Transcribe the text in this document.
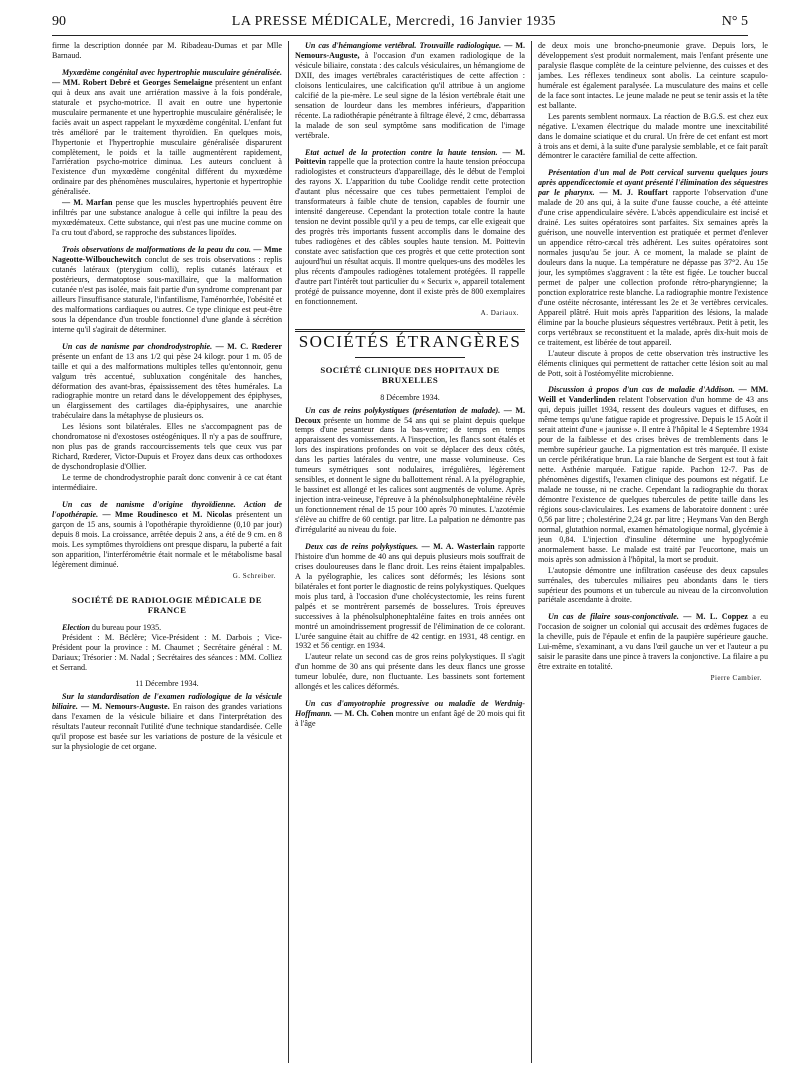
90	LA PRESSE MÉDICALE, Mercredi, 16 Janvier 1935	N° 5

firme la description donnée par M. Ribadeau-Dumas et par Mlle Barnaud.

Myxœdème congénital avec hypertrophie musculaire généralisée. — MM. Robert Debré et Georges Semelaigne présentent un enfant qui à deux ans avait une arriération massive à la fois pondérale, staturale et psycho-motrice. Il avait en outre une hypertonie musculaire permanente et une hypertrophie musculaire généralisée; le faciès avait un aspect rappelant le myxœdème congénital. L'enfant fut très amélioré par le traitement thyroïdien. En quelques mois, l'hypertonie et l'hypertrophie musculaire généralisée disparurent complètement, le poids et la taille augmentèrent rapidement, l'arriération psycho-motrice diminua. Les auteurs concluent à l'existence d'un myxœdème congénital différent du myxœdème ordinaire par des phénomènes musculaires, hypertonie et hypertrophie généralisée.

— M. Marfan pense que les muscles hypertrophiés peuvent être infiltrés par une substance analogue à celle qui infiltre la peau des myxœdémateux. Cette substance, qui n'est pas une mucine comme on l'a cru tout d'abord, se rapproche des substances lipoïdes.

Trois observations de malformations de la peau du cou. — Mme Nageotte-Wilbouchewitch conclut de ses trois observations : replis cutanés latéraux (pterygium colli), replis cutanés latéraux et postérieurs, dermatoptose sous-maxillaire, que la malformation cutanée n'est pas isolée, mais fait partie d'un syndrome comprenant par ailleurs l'insuffisance staturale, l'infantilisme, l'aménorrhée, l'obésité et des malformations cardiaques ou autres. Ce type clinique est peut-être sous la dépendance d'un trouble fonctionnel d'une glande à sécrétion interne qu'il s'agirait de déterminer.

Un cas de nanisme par chondrodystrophie. — M. C. Rœderer présente un enfant de 13 ans 1/2 qui pèse 24 kilogr. pour 1 m. 05 de taille et qui a des malformations multiples telles qu'entonnoir, genu valgum très accentué, subluxation congénitale des hanches, déformation des avant-bras, épaississement des têtes humérales. La radiographie montre un retard dans le développement des épiphyses, un élargissement des cartilages dia-épiphysaires, une anarchie trabéculaire dans la métaphyse de plusieurs os.

Les lésions sont bilatérales. Elles ne s'accompagnent pas de chondromatose ni d'exostoses ostéogéniques. Il n'y a pas de souffrure, non plus pas de grands raccourcissements tels que ceux vus par Richard, Rœderer, Victor-Dupuis et Froyez dans deux cas orthodoxes de dyschondroplasie d'Ollier.

Le terme de chondrodystrophie paraît donc convenir à ce cat étant intermédiaire.

Un cas de nanisme d'origine thyroïdienne. Action de l'opothérapie. — Mme Roudinesco et M. Nicolas présentent un garçon de 15 ans, soumis à l'opothérapie thyroïdienne (0,10 par jour) depuis 8 mois. La croissance, arrêtée depuis 2 ans, a été de 9 cm. en 8 mois. Les symptômes thyroïdiens ont presque disparu, la puberté a fait son apparition, l'interférométrie était normale et le métabolisme basal légèrement diminué.

G. Schreiber.
SOCIÉTÉ DE RADIOLOGIE MÉDICALE DE FRANCE

Election du bureau pour 1935.

Président : M. Béclère; Vice-Président : M. Darbois ; Vice-Président pour la province : M. Chaumet ; Secrétaire général : M. Dariaux; Trésorier : M. Nadal ; Secrétaires des séances : MM. Colliez et Serrand.

11 Décembre 1934.

Sur la standardisation de l'examen radiologique de la vésicule biliaire. — M. Nemours-Auguste. En raison des grandes variations dans l'examen de la vésicule biliaire et dans l'interprétation des résultats l'auteur reconnaît l'utilité d'une technique standardisée. Celle qu'il propose est basée sur les variations de posture de la vésicule et sur la physiologie de cet organe.

Un cas d'hémangiome vertébral. Trouvaille radiologique. — M. Nemours-Auguste, à l'occasion d'un examen radiologique de la vésicule biliaire, constata : des calculs vésiculaires, un hémangiome de DXII, des images vertébrales caractéristiques de cette affection : cloisons lenticulaires, une calcification qu'il attribue à un angiome calcifié de la pie-mère. Le seul signe de la lésion vertébrale était une sensation de lourdeur dans les membres inférieurs, d'apparition récente. La radiothérapie pénétrante à filtrage élevé, 2 cmc, débarrassa la malade de son seul symptôme sans modification de l'image vertébrale.

Etat actuel de la protection contre la haute tension. — M. Poittevin rappelle que la protection contre la haute tension préoccupa radiologistes et constructeurs d'appareillage, dès le début de l'emploi des rayons X. L'apparition du tube Coolidge rendit cette protection d'autant plus nécessaire que ces tubes permettaient l'emploi de transformateurs à faible chute de tension, capables de fournir une intensité dangereuse. Cependant la protection totale contre la haute tension ne devint possible qu'il y a peu de temps, car elle exigeait que des progrès très importants fussent accomplis dans le domaine des tubes radiogènes et des câbles souples haute tension. M. Poittevin constate avec satisfaction que ces progrès et que cette protection sont aujourd'hui un résultat acquis. Il montre quelques-uns des modèles les plus récents d'ampoules radiogènes totalement protégées. Il rappelle d'autre part l'intérêt tout particulier du « Securix », appareil totalement protégé de puissance moyenne, dont il existe près de 800 exemplaires en fonctionnement.

A. Dariaux.
SOCIÉTÉS ÉTRANGÈRES
SOCIÉTÉ CLINIQUE DES HOPITAUX DE BRUXELLES
8 Décembre 1934.

Un cas de reins polykystiques (présentation de malade). — M. Decoux présente un homme de 54 ans qui se plaint depuis quelque temps d'une pesanteur dans la bas-ventre; de temps en temps apparaissent des vomissements. A l'inspection, les flancs sont étalés et lors des inspirations profondes on voit se déplacer des deux côtés, dans les parties latérales du ventre, une masse volumineuse. Ces tumeurs symétriques sont nodulaires, irrégulières, légèrement sensibles, et donnent le signe du ballottement rénal. A la pyélographie, le bassinet est allongé et les calices sont augmentés de volume. Après injection intra-veineuse, l'épreuve à la phénolsulphonephtaléine révèle un fonctionnement rénal de 15 pour 100 après 70 minutes. L'azotémie s'élève au chiffre de 60 centigr. par litre. La palpation ne démontre pas d'irrégularité au niveau du foie.

Deux cas de reins polykystiques. — M. A. Wasterlain rapporte l'histoire d'un homme de 40 ans qui depuis plusieurs mois souffrait de crises douloureuses dans le flanc droit. Les reins étaient impalpables. A la pyélographie, les calices sont déformés; les lésions sont bilatérales et font porter le diagnostic de reins polykystiques. Quelques mois plus tard, à l'occasion d'une cholécystectomie, les reins furent palpés et se montrèrent parsemés de bosselures. Trois épreuves successives à la phénolsulphonephtaléine faites en trois années ont montré un amoindrissement progressif de l'élimination de ce colorant. L'urée sanguine était au chiffre de 42 centigr. en 1931, 48 centigr. en 1932 et 56 centigr. en 1934.

L'auteur relate un second cas de gros reins polykystiques. Il s'agit d'un homme de 30 ans qui présente dans les deux flancs une grosse tumeur lobulée, dure, non fluctuante. Les bassinets sont fortement allongés et les calices déformés.

Un cas d'amyotrophie progressive ou maladie de Werdnig-Hoffmann. — M. Ch. Cohen montre un enfant âgé de 20 mois qui fit à l'âge

de deux mois une broncho-pneumonie grave. Depuis lors, le développement s'est produit normalement, mais l'enfant présente une paralysie flasque complète de la ceinture pelvienne, des cuisses et des jambes. Les réflexes tendineux sont abolis. La ceinture scapulo-humérale est également paralysée. La musculature des mains et celle de la face sont intactes. Le jeune malade ne peut se tenir assis et la tête est ballante.

Les parents semblent normaux. La réaction de B.G.S. est chez eux négative. L'examen électrique du malade montre une inexcitabilité dans le domaine sciatique et du crural. Un frère de cet enfant est mort à trois ans et demi, à la suite d'une paralysie semblable, et ce fait paraît démontrer le caractère familial de cette affection.

Présentation d'un mal de Pott cervical survenu quelques jours après appendicectomie et ayant présenté l'élimination des séquestres par le pharynx. — M. J. Rouffart rapporte l'observation d'une malade de 20 ans qui, à la suite d'une fausse couche, a été atteinte d'une crise appendiculaire sévère. L'abcès appendiculaire est incisé et drainé. Les suites opératoires sont parfaites. Six semaines après la guérison, une nouvelle intervention est pratiquée et permet d'enlever un appendice rétro-cæcal très adhérent. Les suites opératoires sont normales jusqu'au 5e jour. A ce moment, la malade se plaint de douleurs dans la nuque. La température ne dépasse pas 37°2. Au 15e jour, les symptômes s'aggravent : la tête est figée. Le toucher buccal permet de palper une collection profonde rétro-pharyngienne; la ponction exploratrice reste blanche. La radiographie montre l'existence d'une ostéite nécrosante, intéressant les 2e et 3e vertèbres cervicales. Appareil plâtré. Huit mois après l'apparition des lésions, la malade élimine par la bouche plusieurs séquestres vertébraux. Petit à petit, les corps vertébraux se reconstituent et la malade, après dix-huit mois de ce traitement, est libérée de tout appareil.

L'auteur discute à propos de cette observation très instructive les éléments cliniques qui permettent de rattacher cette lésion soit au mal de Pott, soit à l'ostéomyélite microbienne.

Discussion à propos d'un cas de maladie d'Addison. — MM. Weill et Vanderlinden relatent l'observation d'un homme de 43 ans qui, depuis juillet 1934, ressent des douleurs vagues et diffuses, en même temps qu'une fatigue rapide et progressive. Depuis le 15 Août il serait atteint d'une « jaunisse ». Il entre à l'hôpital le 4 Septembre 1934 pour de la faiblesse et des crises brèves de tremblements dans le membre supérieur gauche. La pigmentation est très marquée. Il existe un cercle périkératique brun. La raie blanche de Sergent est tout à fait nette. Asthénie marquée. Fatigue rapide. Pachon 12-7. Pas de phénomènes digestifs, l'examen clinique des poumons est négatif. Le malade ne tousse, ni ne crache. Cependant la radiographie du thorax démontre l'existence de quelques tubercules de petite taille dans les régions sous-claviculaires. Les examens de laboratoire donnent : urée 0,56 par litre ; cholestérine 2,24 gr. par litre ; Heymans Van den Bergh normal, glutathion normal, examen hématologique normal, glycémie à jeun 0,84. L'injection d'insuline détermine une hypoglycémie anormalement basse. Le malade est traité par l'eucortone, mais un mois après son admission à l'hôpital, la mort se produit.

L'autopsie démontre une infiltration caséeuse des deux capsules surrénales, des tubercules miliaires peu abondants dans le tiers supérieur des poumons et un tubercule au niveau de la circonvolution pariétale ascendante à droite.

Un cas de filaire sous-conjonctivale. — M. L. Coppez a eu l'occasion de soigner un colonial qui accusait des œdèmes fugaces de la cheville, puis de l'épaule et enfin de la paupière supérieure gauche. Lui-même, s'examinant, a vu dans l'œil gauche un ver et l'auteur a pu saisir le parasite dans une pince à travers la conjonctive. La filaire a pu être extraite en totalité.

Pierre Cambier.
